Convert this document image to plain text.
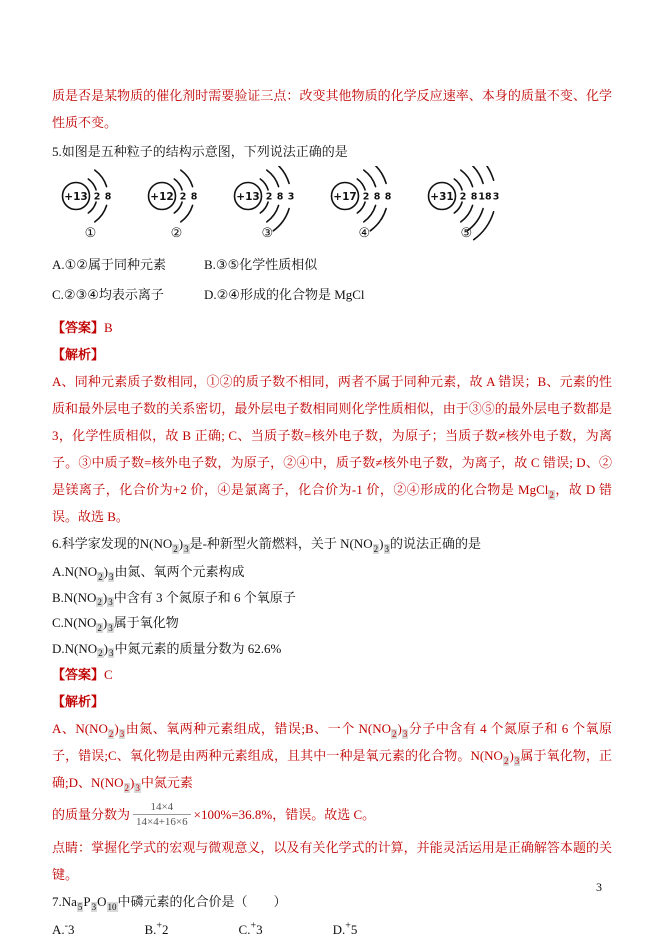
质是否是某物质的催化剂时需要验证三点：改变其他物质的化学反应速率、本身的质量不变、化学性质不变。

5.如图是五种粒子的结构示意图，下列说法正确的是

+13 2 8
①
+12 2 8
②
+13 2 8 3
③
+17 2 8 8
④
+31 2 8 18 3
⑤
A.①②属于同种元素	B.③⑤化学性质相似
C.②③④均表示离子	D.②④形成的化合物是 MgCl

【答案】B

【解析】

A、同种元素质子数相同，①②的质子数不相同，两者不属于同种元素，故 A 错误；B、元素的性质和最外层电子数的关系密切，最外层电子数相同则化学性质相似，由于③⑤的最外层电子数都是 3，化学性质相似，故 B 正确; C、当质子数=核外电子数，为原子；当质子数≠核外电子数，为离子。③中质子数=核外电子数，为原子，②④中，质子数≠核外电子数，为离子，故 C 错误; D、②是镁离子，化合价为+2 价，④是氯离子，化合价为-1 价，②④形成的化合物是 MgCl$_2$，故 D 错误。故选 B。

6.科学家发现的$N(NO_2)_3$是-种新型火箭燃料，关于 $N(NO_2)_3$的说法正确的是

$A.N(NO_2)_3$由氮、氧两个元素构成

$B.N(NO_2)_3$中含有 3 个氮原子和 6 个氧原子

$C.N(NO_2)_3$属于氧化物

$D.N(NO_2)_3$中氮元素的质量分数为 62.6%

【答案】C

【解析】

A、$N(NO_2)_3$由氮、氧两种元素组成，错误;B、一个 $N(NO_2)_3$分子中含有 4 个氮原子和 6 个氧原子，错误;C、氧化物是由两种元素组成，且其中一种是氧元素的化合物。$N(NO_2)_3$属于氧化物，正确;D、$N(NO_2)_3$中氮元素

的质量分数为 $\frac{14\times 4}{14\times 4+16\times 6} \times 100\%=36.8\%$，错误。故选 C。

点睛：掌握化学式的宏观与微观意义，以及有关化学式的计算，并能灵活运用是正确解答本题的关键。

$7.Na_5P_3O_{10}$中磷元素的化合价是（　　）

A.-3	B.+2	C.+3	D.+5
3
